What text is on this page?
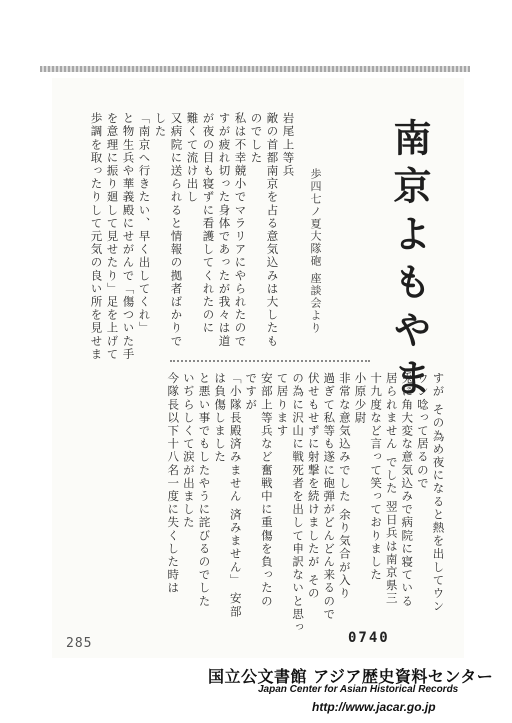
南京よもやま
歩四七ノ夏大隊砲 座談会より
岩尾上等兵
敵の首都南京を占る意気込みは大したも
のでした
私は不幸競小でマラリアにやられたので
すが疲れ切った身体であったが我々は道
が夜の目も寝ずに看護してくれたのに
難くて流け出し
又病院に送られると情報の拠者ばかりで
した
「南京へ行きたい、早く出してくれ」
と物生兵や華義殿にせがんで「傷ついた手
を意理に振り廻して見せたり」足を上げて
歩調を取ったりして元気の良い所を見せま
すが その為め夜になると熱を出してウン
ウン唸って居るので
兎に角大変な意気込みで病院に寝ている
居られません でした 翌日兵は南京県三
十九度など言って笑っておりました
小原少尉
非常な意気込みでした 余り気合が入り
過ぎて私等も遂に砲弾がどんどん来るので
伏せもせずに射撃を続けましたが その
の為に沢山に戦死者を出して申訳ないと思っ
て居ります
安部上等兵など奮戦中に重傷を負ったの
ですが
「小隊長殿済みません 済みません」 安部
は負傷しました
と悪い事でもしたやうに詫びるのでした
いぢらしくて涙が出ました
今隊長以下十八名一度に失くした時は
285	0740
国立公文書館 アジア歴史資料センター
Japan Center for Asian Historical Records
http://www.jacar.go.jp
